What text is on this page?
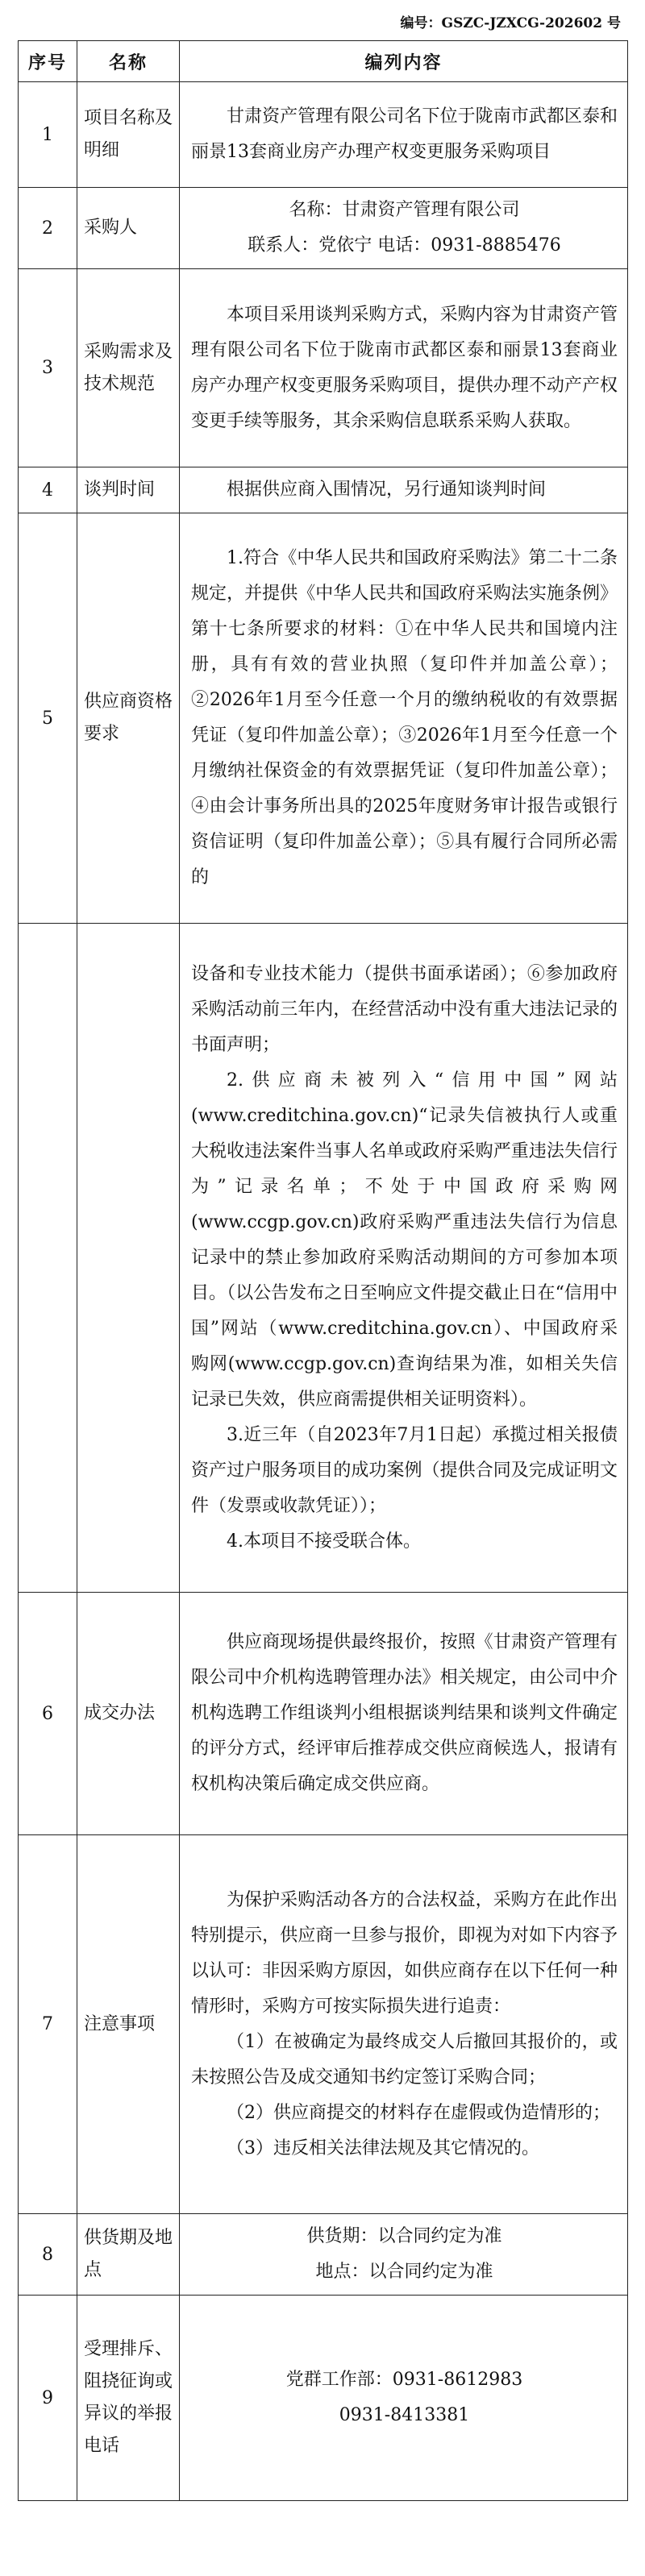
编号：GSZC-JZXCG-202602 号
序号	名称	编列内容
1	项目名称及明细	甘肃资产管理有限公司名下位于陇南市武都区泰和丽景13套商业房产办理产权变更服务采购项目

2	采购人	名称：甘肃资产管理有限公司

联系人：党依宁 电话：0931-8885476

3	采购需求及技术规范	本项目采用谈判采购方式，采购内容为甘肃资产管理有限公司名下位于陇南市武都区泰和丽景13套商业房产办理产权变更服务采购项目，提供办理不动产产权变更手续等服务，其余采购信息联系采购人获取。

4	谈判时间	根据供应商入围情况，另行通知谈判时间

5	供应商资格要求	1.符合《中华人民共和国政府采购法》第二十二条规定，并提供《中华人民共和国政府采购法实施条例》第十七条所要求的材料：①在中华人民共和国境内注册，具有有效的营业执照（复印件并加盖公章）；②2026年1月至今任意一个月的缴纳税收的有效票据凭证（复印件加盖公章）；③2026年1月至今任意一个月缴纳社保资金的有效票据凭证（复印件加盖公章）；④由会计事务所出具的2025年度财务审计报告或银行资信证明（复印件加盖公章）；⑤具有履行合同所必需的

		设备和专业技术能力（提供书面承诺函）；⑥参加政府采购活动前三年内，在经营活动中没有重大违法记录的书面声明；

2.供应商未被列入“信用中国”网站(www.creditchina.gov.cn)“记录失信被执行人或重大税收违法案件当事人名单或政府采购严重违法失信行为”记录名单；不处于中国政府采购网(www.ccgp.gov.cn)政府采购严重违法失信行为信息记录中的禁止参加政府采购活动期间的方可参加本项目。（以公告发布之日至响应文件提交截止日在“信用中国”网站（www.creditchina.gov.cn）、中国政府采购网(www.ccgp.gov.cn)查询结果为准，如相关失信记录已失效，供应商需提供相关证明资料）。

3.近三年（自2023年7月1日起）承揽过相关报债资产过户服务项目的成功案例（提供合同及完成证明文件（发票或收款凭证））；

4.本项目不接受联合体。

6	成交办法	供应商现场提供最终报价，按照《甘肃资产管理有限公司中介机构选聘管理办法》相关规定，由公司中介机构选聘工作组谈判小组根据谈判结果和谈判文件确定的评分方式，经评审后推荐成交供应商候选人，报请有权机构决策后确定成交供应商。

7	注意事项	为保护采购活动各方的合法权益，采购方在此作出特别提示，供应商一旦参与报价，即视为对如下内容予以认可：非因采购方原因，如供应商存在以下任何一种情形时，采购方可按实际损失进行追责：

（1）在被确定为最终成交人后撤回其报价的，或未按照公告及成交通知书约定签订采购合同；

（2）供应商提交的材料存在虚假或伪造情形的；

（3）违反相关法律法规及其它情况的。

8	供货期及地点	供货期：以合同约定为准

地点：以合同约定为准

9	受理排斥、阻挠征询或异议的举报电话	党群工作部：0931-8612983

0931-8413381
